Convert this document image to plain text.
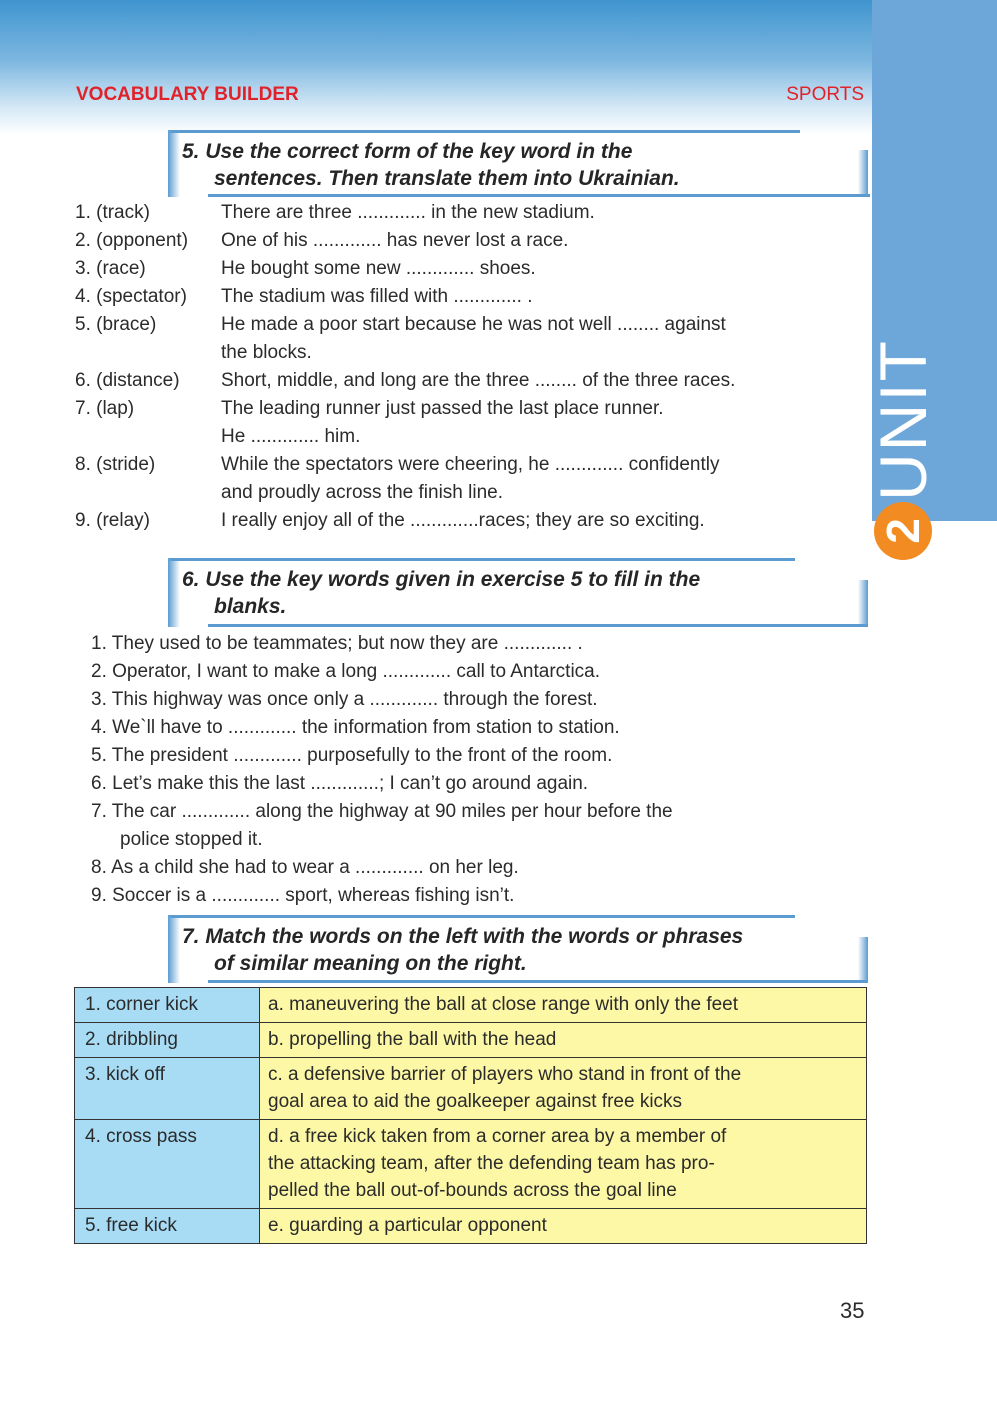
UNIT
2
VOCABULARY BUILDER	SPORTS
5. Use the correct form of the key word in the
sentences. Then translate them into Ukrainian.
1. (track)	There are three ............. in the new stadium.
2. (opponent)	One of his ............. has never lost a race.
3. (race)	He bought some new ............. shoes.
4. (spectator)	The stadium was filled with ............. .
5. (brace)	He made a poor start because he was not well ........ against
the blocks.
6. (distance)	Short, middle, and long are the three ........ of the three races.
7. (lap)	The leading runner just passed the last place runner.
He ............. him.
8. (stride)	While the spectators were cheering, he ............. confidently
and proudly across the finish line.
9. (relay)	I really enjoy all of the .............races; they are so exciting.
6. Use the key words given in exercise 5 to fill in the
blanks.
1. They used to be teammates; but now they are ............. .
2. Operator, I want to make a long ............. call to Antarctica.
3. This highway was once only a ............. through the forest.
4. We`ll have to ............. the information from station to station.
5. The president ............. purposefully to the front of the room.
6. Let’s make this the last .............; I can’t go around again.
7. The car ............. along the highway at 90 miles per hour before the
police stopped it.
8. As a child she had to wear a ............. on her leg.
9. Soccer is a ............. sport, whereas fishing isn’t.
7. Match the words on the left with the words or phrases
of similar meaning on the right.
1. corner kick	a. maneuvering the ball at close range with only the feet

2. dribbling	b. propelling the ball with the head

3. kick off	c. a defensive barrier of players who stand in front of the
goal area to aid the goalkeeper against free kicks

4. cross pass	d. a free kick taken from a corner area by a member of
the attacking team, after the defending team has pro-
pelled the ball out-of-bounds across the goal line

5. free kick	e. guarding a particular opponent
35
